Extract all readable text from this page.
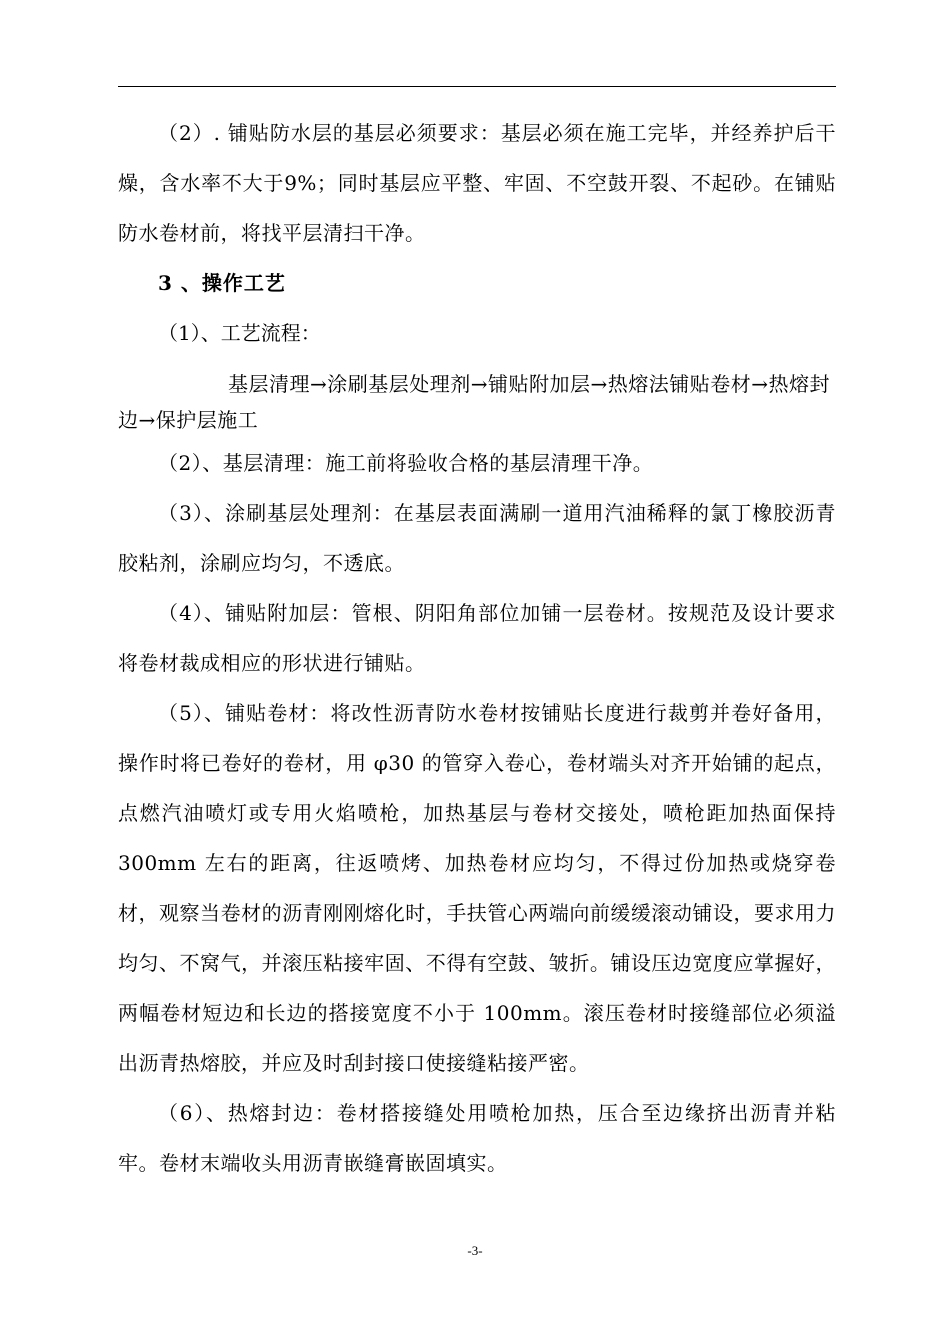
（2）. 铺贴防水层的基层必须要求：基层必须在施工完毕，并经养护后干燥，含水率不大于9%；同时基层应平整、牢固、不空鼓开裂、不起砂。在铺贴防水卷材前，将找平层清扫干净。

3 、操作工艺

（1）、工艺流程：

基层清理→涂刷基层处理剂→铺贴附加层→热熔法铺贴卷材→热熔封边→保护层施工

（2）、基层清理：施工前将验收合格的基层清理干净。

（3）、涂刷基层处理剂：在基层表面满刷一道用汽油稀释的氯丁橡胶沥青胶粘剂，涂刷应均匀，不透底。

（4）、铺贴附加层：管根、阴阳角部位加铺一层卷材。按规范及设计要求将卷材裁成相应的形状进行铺贴。

（5）、铺贴卷材：将改性沥青防水卷材按铺贴长度进行裁剪并卷好备用，操作时将已卷好的卷材，用 φ30 的管穿入卷心，卷材端头对齐开始铺的起点，点燃汽油喷灯或专用火焰喷枪，加热基层与卷材交接处，喷枪距加热面保持 300mm 左右的距离，往返喷烤、加热卷材应均匀，不得过份加热或烧穿卷材，观察当卷材的沥青刚刚熔化时，手扶管心两端向前缓缓滚动铺设，要求用力均匀、不窝气，并滚压粘接牢固、不得有空鼓、皱折。铺设压边宽度应掌握好，两幅卷材短边和长边的搭接宽度不小于 100mm。滚压卷材时接缝部位必须溢出沥青热熔胶，并应及时刮封接口使接缝粘接严密。

（6）、热熔封边：卷材搭接缝处用喷枪加热，压合至边缘挤出沥青并粘牢。卷材末端收头用沥青嵌缝膏嵌固填实。

-3-
